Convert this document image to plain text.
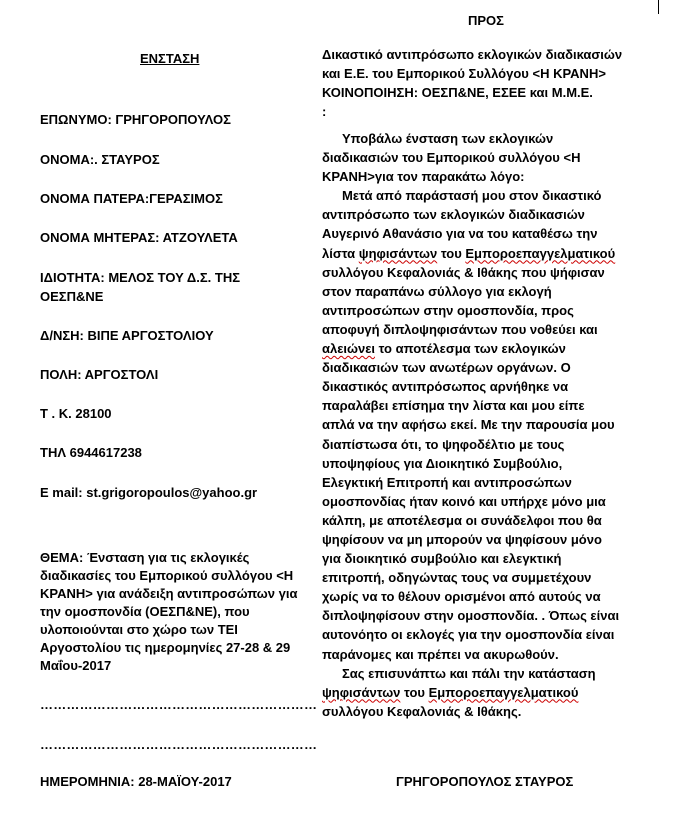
ΠΡΟΣ
ΕΝΣΤΑΣΗ
ΕΠΩΝΥΜΟ: ΓΡΗΓΟΡΟΠΟΥΛΟΣ
ΟΝΟΜΑ:. ΣΤΑΥΡΟΣ
ΟΝΟΜΑ ΠΑΤΕΡΑ:ΓΕΡΑΣΙΜΟΣ
ΟΝΟΜΑ ΜΗΤΕΡΑΣ: ΑΤΖΟΥΛΕΤΑ
ΙΔΙΟΤΗΤΑ: ΜΕΛΟΣ ΤΟΥ Δ.Σ. ΤΗΣ
ΟΕΣΠ&ΝΕ
Δ/ΝΣΗ: ΒΙΠΕ ΑΡΓΟΣΤΟΛΙΟΥ
ΠΟΛΗ: ΑΡΓΟΣΤΟΛΙ
Τ . Κ. 28100
ΤΗΛ 6944617238
E mail: st.grigoropoulos@yahoo.gr
ΘΕΜΑ: Ένσταση για τις εκλογικές διαδικασίες του Εμπορικού συλλόγου <Η ΚΡΑΝΗ> για ανάδειξη αντιπροσώπων για την ομοσπονδία (ΟΕΣΠ&ΝΕ), που υλοποιούνται στο χώρο των ΤΕΙ Αργοστολίου τις ημερομηνίες 27-28 & 29 Μαΐου-2017
………………………………………………………
………………………………………………………
ΗΜΕΡΟΜΗΝΙΑ: 28-ΜΑΪΟΥ-2017
Δικαστικό αντιπρόσωπο εκλογικών διαδικασιών
και Ε.Ε. του Εμπορικού Συλλόγου <Η ΚΡΑΝΗ>
ΚΟΙΝΟΠΟΙΗΣΗ: ΟΕΣΠ&ΝΕ, ΕΣΕΕ και Μ.Μ.Ε.
:
Υποβάλω ένσταση των εκλογικών
διαδικασιών του Εμπορικού συλλόγου <Η
ΚΡΑΝΗ>για τον παρακάτω λόγο:
Μετά από παράστασή μου στον δικαστικό
αντιπρόσωπο των εκλογικών διαδικασιών
Αυγερινό Αθανάσιο για να του καταθέσω την
λίστα ψηφισάντων του Εμπoροεπαγγελματικού
συλλόγου Κεφαλονιάς & Ιθάκης που ψήφισαν
στον παραπάνω σύλλογο για εκλογή
αντιπροσώπων στην ομοσπονδία, προς
αποφυγή διπλοψηφισάντων που νοθεύει και
αλειώνει το αποτέλεσμα των εκλογικών
διαδικασιών των ανωτέρων οργάνων. Ο
δικαστικός αντιπρόσωπος αρνήθηκε να
παραλάβει επίσημα την λίστα και μου είπε
απλά να την αφήσω εκεί. Με την παρουσία μου
διαπίστωσα ότι, το ψηφοδέλτιο με τους
υποψηφίους για Διοικητικό Συμβούλιο,
Ελεγκτική Επιτροπή και αντιπροσώπων
ομοσπονδίας ήταν κοινό και υπήρχε μόνο μια
κάλπη, με αποτέλεσμα οι συνάδελφοι που θα
ψηφίσουν να μη μπορούν να ψηφίσουν μόνο
για διοικητικό συμβούλιο και ελεγκτική
επιτροπή, οδηγώντας τους να συμμετέχουν
χωρίς να το θέλουν ορισμένοι από αυτούς να
διπλοψηφίσουν στην ομοσπονδία. . Όπως είναι
αυτονόητο οι εκλογές για την ομοσπονδία είναι
παράνομες και πρέπει να ακυρωθούν.
Σας επισυνάπτω και πάλι την κατάσταση
ψηφισάντων του Εμπoροεπαγγελματικού
συλλόγου Κεφαλονιάς & Ιθάκης.
ΓΡΗΓΟΡΟΠΟΥΛΟΣ ΣΤΑΥΡΟΣ
